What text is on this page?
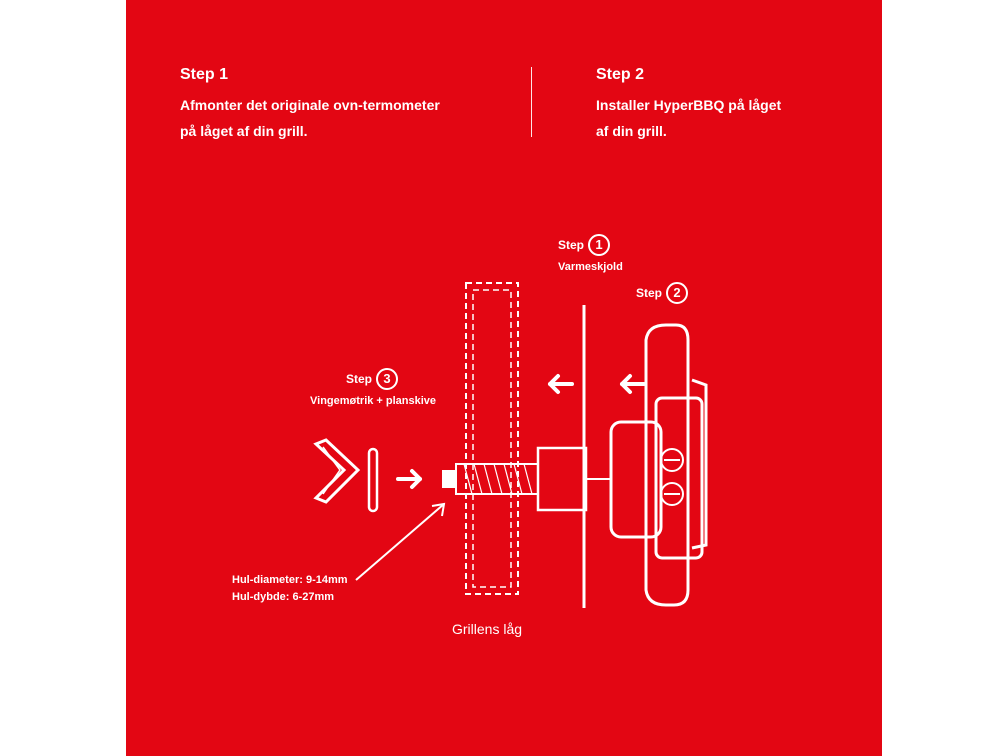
Step 1
Afmonter det originale ovn-termometer
på låget af din grill.
Step 2
Installer HyperBBQ på låget
af din grill.
Step 1
Varmeskjold
Step 2
Step 3
Vingemøtrik + planskive
Hul-diameter: 9-14mm
Hul-dybde: 6-27mm
Grillens låg
